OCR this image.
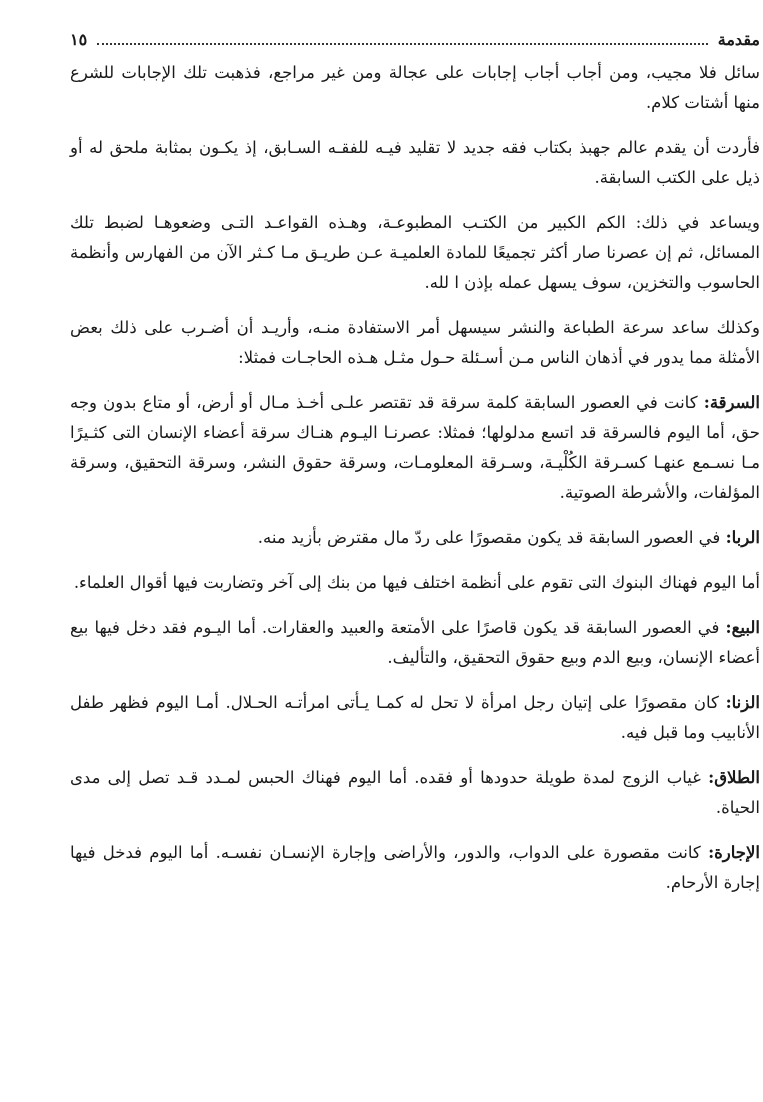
مقدمة
١٥

سائل فلا مجيب، ومن أجاب أجاب إجابات على عجالة ومن غير مراجع، فذهبت تلك الإجابات للشرع منها أشتات كلام.

فأردت أن يقدم عالم جهبذ بكتاب فقه جديد لا تقليد فيـه للفقـه السـابق، إذ يكـون بمثابة ملحق له أو ذيل على الكتب السابقة.

ويساعد في ذلك: الكم الكبير من الكتـب المطبوعـة، وهـذه القواعـد التـى وضعوهـا لضبط تلك المسائل، ثم إن عصرنا صار أكثر تجميعًا للمادة العلميـة عـن طريـق مـا كـثر الآن من الفهارس وأنظمة الحاسوب والتخزين، سوف يسهل عمله بإذن ا لله.

وكذلك ساعد سرعة الطباعة والنشر سيسهل أمر الاستفادة منـه، وأريـد أن أضـرب على ذلك بعض الأمثلة مما يدور في أذهان الناس مـن أسـئلة حـول مثـل هـذه الحاجـات فمثلا:

السرقة: كانت في العصور السابقة كلمة سرقة قد تقتصر علـى أخـذ مـال أو أرض، أو متاع بدون وجه حق، أما اليوم فالسرقة قد اتسع مدلولها؛ فمثلا: عصرنـا اليـوم هنـاك سرقة أعضاء الإنسان التى كثـيرًا مـا نسـمع عنهـا كسـرقة الكُلْيـة، وسـرقة المعلومـات، وسرقة حقوق النشر، وسرقة التحقيق، وسرقة المؤلفات، والأشرطة الصوتية.

الربا: في العصور السابقة قد يكون مقصورًا على ردّ مال مقترض بأزيد منه.

أما اليوم فهناك البنوك التى تقوم على أنظمة اختلف فيها من بنك إلى آخر وتضاربت فيها أقوال العلماء.

البيع: في العصور السابقة قد يكون قاصرًا على الأمتعة والعبيد والعقارات. أما اليـوم فقد دخل فيها بيع أعضاء الإنسان، وبيع الدم وبيع حقوق التحقيق، والتأليف.

الزنا: كان مقصورًا على إتيان رجل امرأة لا تحل له كمـا يـأتى امرأتـه الحـلال. أمـا اليوم فظهر طفل الأنابيب وما قبل فيه.

الطلاق: غياب الزوج لمدة طويلة حدودها أو فقده. أما اليوم فهناك الحبس لمـدد قـد تصل إلى مدى الحياة.

الإجارة: كانت مقصورة على الدواب، والدور، والأراضى وإجارة الإنسـان نفسـه. أما اليوم فدخل فيها إجارة الأرحام.
